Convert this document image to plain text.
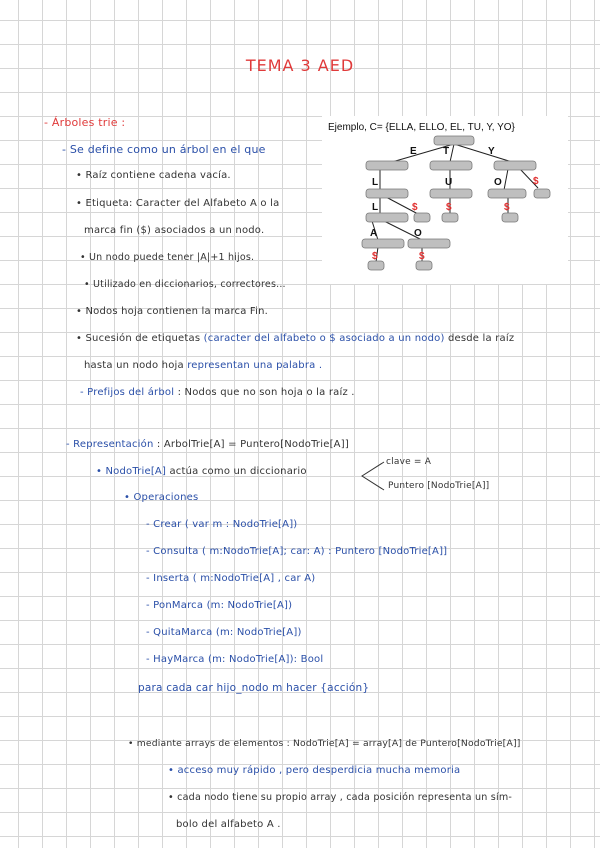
TEMA 3 AED
- Árboles trie :
- Se define como un árbol en el que
• Raíz contiene cadena vacía.
• Etiqueta: Caracter del Alfabeto A o la
marca fin ($) asociados a un nodo.
• Un nodo puede tener |A|+1 hijos.
• Utilizado en diccionarios, correctores...
• Nodos hoja contienen la marca Fin.
• Sucesión de etiquetas (caracter del alfabeto o $ asociado a un nodo) desde la raíz
hasta un nodo hoja representan una palabra .
- Prefijos del árbol : Nodos que no son hoja o la raíz .
Ejemplo, C= {ELLA, ELLO, EL, TU, Y, YO}
E	T	Y
L	U	O
L
A	O
$
$	$	$
$	$
- Representación : ArbolTrie[A] = Puntero[NodoTrie[A]]
• NodoTrie[A] actúa como un diccionario
clave = A
Puntero [NodoTrie[A]]
• Operaciones
- Crear ( var m : NodoTrie[A])
- Consulta ( m:NodoTrie[A]; car: A) : Puntero [NodoTrie[A]]
- Inserta ( m:NodoTrie[A] , car A)
- PonMarca (m: NodoTrie[A])
- QuitaMarca (m: NodoTrie[A])
- HayMarca (m: NodoTrie[A]): Bool
para cada car hijo_nodo m hacer {acción}
• mediante arrays de elementos : NodoTrie[A] = array[A] de Puntero[NodoTrie[A]]
• acceso muy rápido , pero desperdicia mucha memoria
• cada nodo tiene su propio array , cada posición representa un sím-
bolo del alfabeto A .
